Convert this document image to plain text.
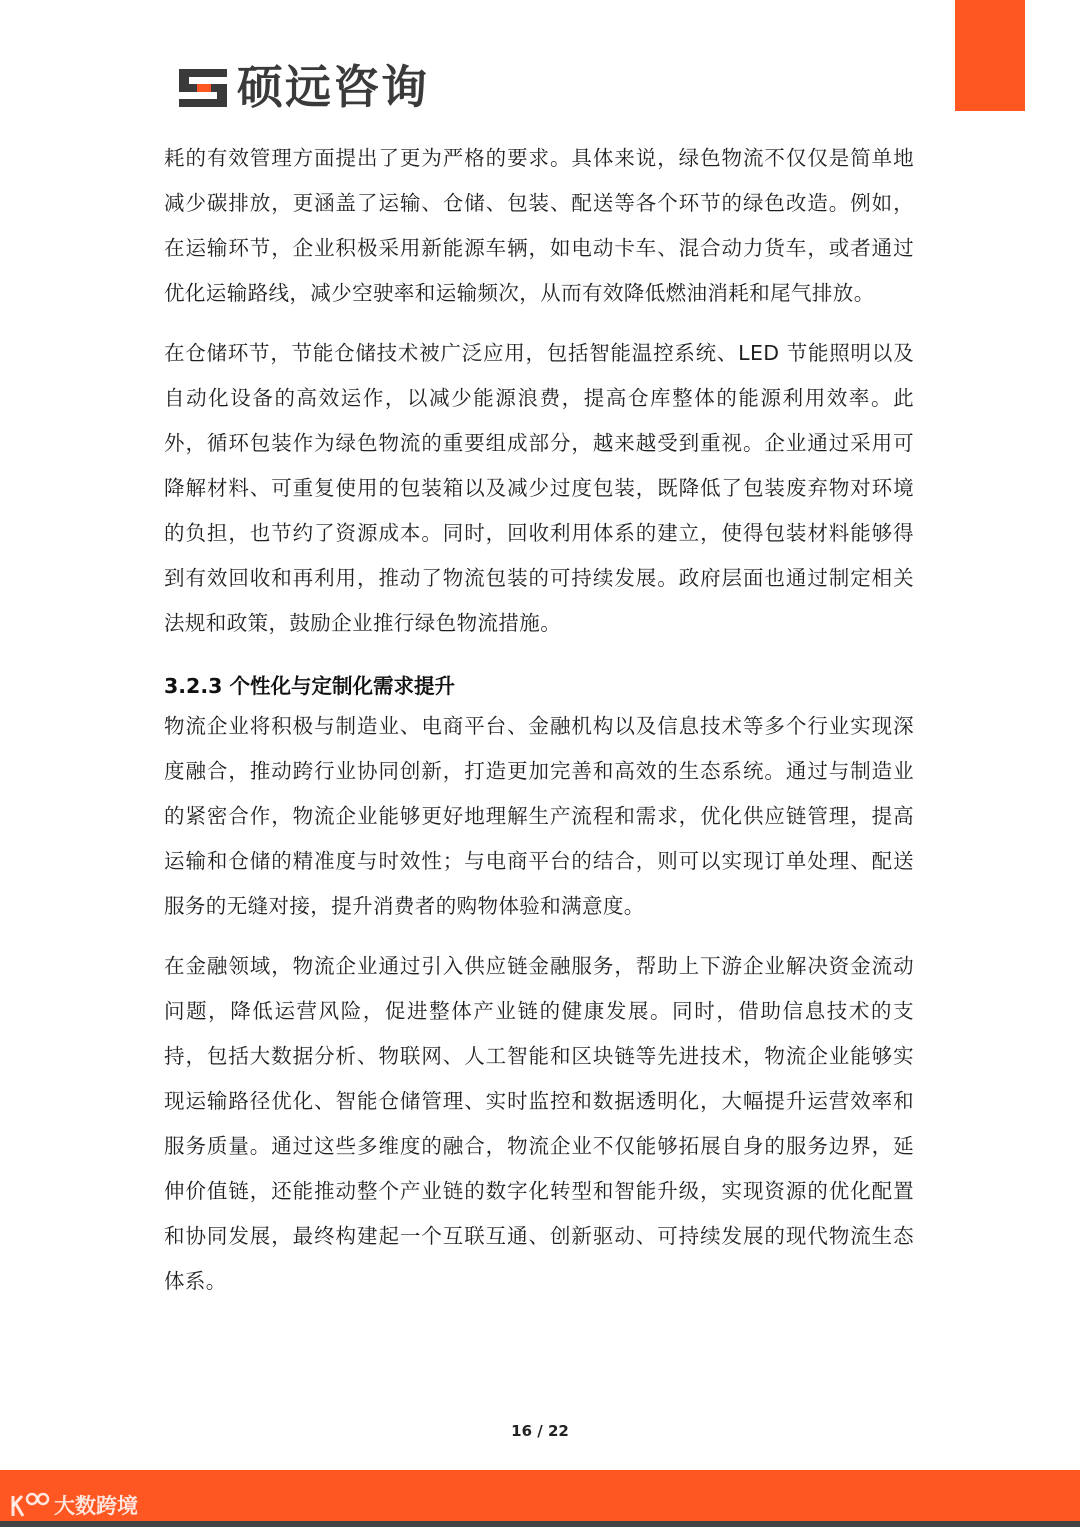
硕远咨询

耗的有效管理方面提出了更为严格的要求。具体来说，绿色物流不仅仅是简单地减少碳排放，更涵盖了运输、仓储、包装、配送等各个环节的绿色改造。例如，在运输环节，企业积极采用新能源车辆，如电动卡车、混合动力货车，或者通过优化运输路线，减少空驶率和运输频次，从而有效降低燃油消耗和尾气排放。

在仓储环节，节能仓储技术被广泛应用，包括智能温控系统、LED 节能照明以及自动化设备的高效运作，以减少能源浪费，提高仓库整体的能源利用效率。此外，循环包装作为绿色物流的重要组成部分，越来越受到重视。企业通过采用可降解材料、可重复使用的包装箱以及减少过度包装，既降低了包装废弃物对环境的负担，也节约了资源成本。同时，回收利用体系的建立，使得包装材料能够得到有效回收和再利用，推动了物流包装的可持续发展。政府层面也通过制定相关法规和政策，鼓励企业推行绿色物流措施。

3.2.3 个性化与定制化需求提升

物流企业将积极与制造业、电商平台、金融机构以及信息技术等多个行业实现深度融合，推动跨行业协同创新，打造更加完善和高效的生态系统。通过与制造业的紧密合作，物流企业能够更好地理解生产流程和需求，优化供应链管理，提高运输和仓储的精准度与时效性；与电商平台的结合，则可以实现订单处理、配送服务的无缝对接，提升消费者的购物体验和满意度。

在金融领域，物流企业通过引入供应链金融服务，帮助上下游企业解决资金流动问题，降低运营风险，促进整体产业链的健康发展。同时，借助信息技术的支持，包括大数据分析、物联网、人工智能和区块链等先进技术，物流企业能够实现运输路径优化、智能仓储管理、实时监控和数据透明化，大幅提升运营效率和服务质量。通过这些多维度的融合，物流企业不仅能够拓展自身的服务边界，延伸价值链，还能推动整个产业链的数字化转型和智能升级，实现资源的优化配置和协同发展，最终构建起一个互联互通、创新驱动、可持续发展的现代物流生态体系。

16 / 22
大数跨境
